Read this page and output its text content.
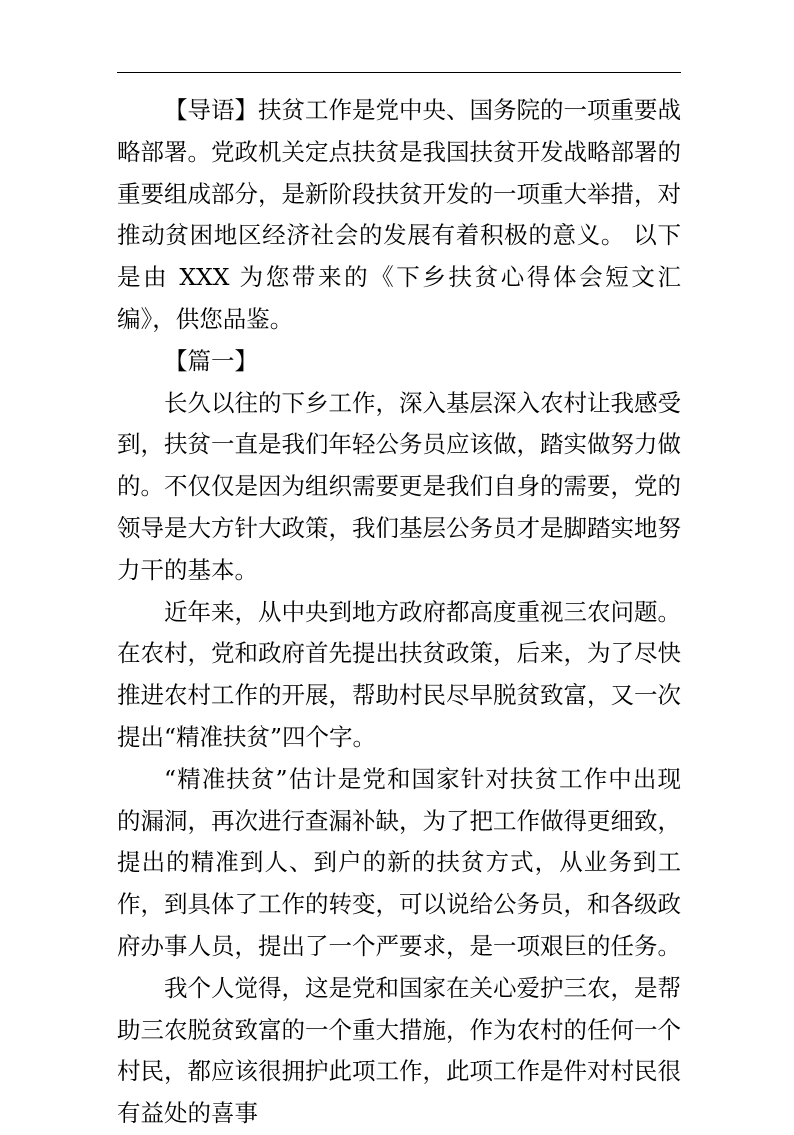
【导语】扶贫工作是党中央、国务院的一项重要战略部署。党政机关定点扶贫是我国扶贫开发战略部署的重要组成部分，是新阶段扶贫开发的一项重大举措，对推动贫困地区经济社会的发展有着积极的意义。 以下是由 XXX 为您带来的《下乡扶贫心得体会短文汇编》，供您品鉴。

【篇一】

长久以往的下乡工作，深入基层深入农村让我感受到，扶贫一直是我们年轻公务员应该做，踏实做努力做的。不仅仅是因为组织需要更是我们自身的需要，党的领导是大方针大政策，我们基层公务员才是脚踏实地努力干的基本。

近年来，从中央到地方政府都高度重视三农问题。在农村，党和政府首先提出扶贫政策，后来，为了尽快推进农村工作的开展，帮助村民尽早脱贫致富，又一次提出“精准扶贫”四个字。

“精准扶贫”估计是党和国家针对扶贫工作中出现的漏洞，再次进行查漏补缺，为了把工作做得更细致，提出的精准到人、到户的新的扶贫方式，从业务到工作，到具体了工作的转变，可以说给公务员，和各级政府办事人员，提出了一个严要求，是一项艰巨的任务。

我个人觉得，这是党和国家在关心爱护三农，是帮助三农脱贫致富的一个重大措施，作为农村的任何一个村民，都应该很拥护此项工作，此项工作是件对村民很有益处的喜事
